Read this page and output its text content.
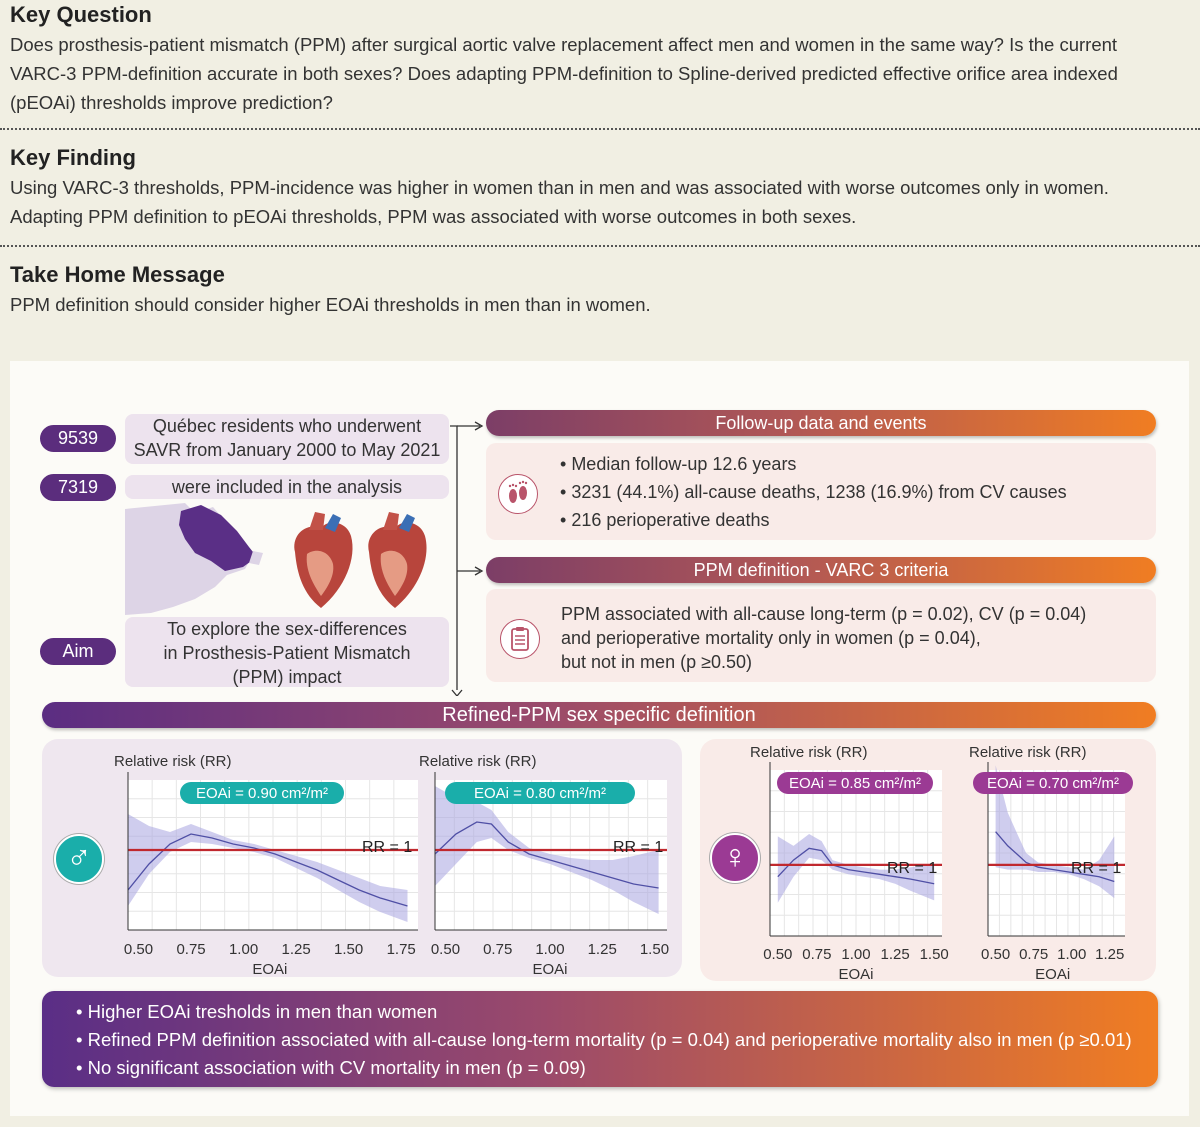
Key Question

Does prosthesis-patient mismatch (PPM) after surgical aortic valve replacement affect men and women in the same way? Is the current
VARC-3 PPM-definition accurate in both sexes? Does adapting PPM-definition to Spline-derived predicted effective orifice area indexed
(pEOAi) thresholds improve prediction?

Key Finding

Using VARC-3 thresholds, PPM-incidence was higher in women than in men and was associated with worse outcomes only in women.
Adapting PPM definition to pEOAi thresholds, PPM was associated with worse outcomes in both sexes.

Take Home Message

PPM definition should consider higher EOAi thresholds in men than in women.

9539
Québec residents who underwent
SAVR from January 2000 to May 2021
7319	were included in the analysis
Aim
To explore the sex-differences
in Prosthesis-Patient Mismatch
(PPM) impact
Follow-up data and events
• Median follow-up 12.6 years
• 3231 (44.1%) all-cause deaths, 1238 (16.9%) from CV causes
• 216 perioperative deaths
PPM definition - VARC 3 criteria
PPM associated with all-cause long-term (p = 0.02), CV (p = 0.04)
and perioperative mortality only in women (p = 0.04),
but not in men (p ≥0.50)
Refined-PPM sex specific definition
♂	♀
Relative risk (RR)
EOAi = 0.90 cm²/m²
RR = 1
0.50 0.75 1.00 1.25 1.50 1.75
EOAi
Relative risk (RR)
EOAi = 0.80 cm²/m²
RR = 1
0.50 0.75 1.00 1.25 1.50
EOAi
Relative risk (RR)
EOAi = 0.85 cm²/m²
RR = 1
0.50 0.75 1.00 1.25 1.50
EOAi
Relative risk (RR)
EOAi = 0.70 cm²/m²
RR = 1
0.50 0.75 1.00 1.25
EOAi
• Higher EOAi tresholds in men than women
• Refined PPM definition associated with all-cause long-term mortality (p = 0.04) and perioperative mortality also in men (p ≥0.01)
• No significant association with CV mortality in men (p = 0.09)
